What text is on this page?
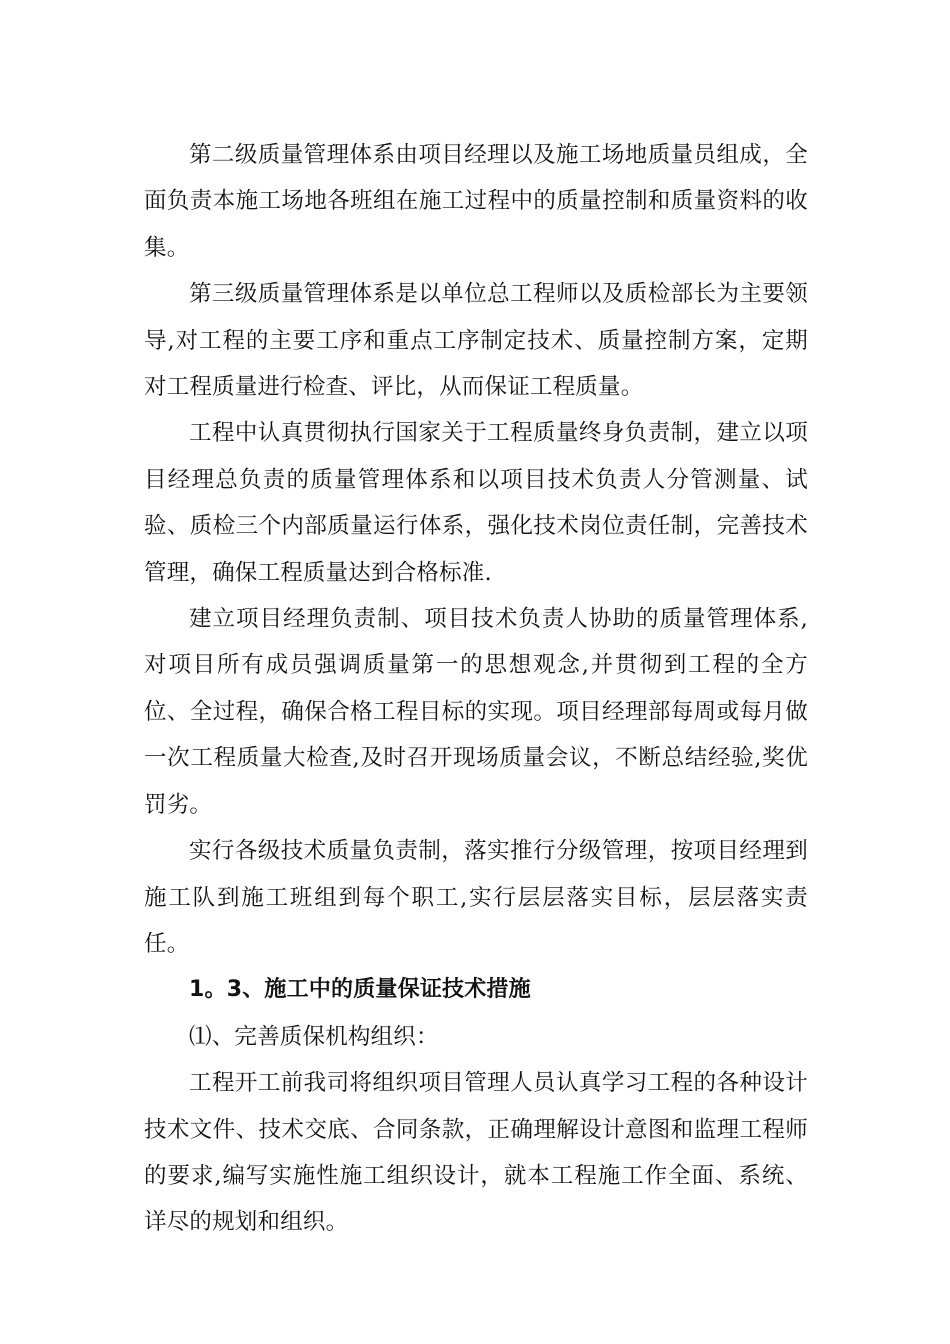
第二级质量管理体系由项目经理以及施工场地质量员组成，全面负责本施工场地各班组在施工过程中的质量控制和质量资料的收集。

第三级质量管理体系是以单位总工程师以及质检部长为主要领导,对工程的主要工序和重点工序制定技术、质量控制方案，定期对工程质量进行检查、评比，从而保证工程质量。

工程中认真贯彻执行国家关于工程质量终身负责制，建立以项目经理总负责的质量管理体系和以项目技术负责人分管测量、试验、质检三个内部质量运行体系，强化技术岗位责任制，完善技术管理，确保工程质量达到合格标准.

建立项目经理负责制、项目技术负责人协助的质量管理体系,对项目所有成员强调质量第一的思想观念,并贯彻到工程的全方位、全过程，确保合格工程目标的实现。项目经理部每周或每月做一次工程质量大检查,及时召开现场质量会议，不断总结经验,奖优罚劣。

实行各级技术质量负责制，落实推行分级管理，按项目经理到施工队到施工班组到每个职工,实行层层落实目标，层层落实责任。

1。3、施工中的质量保证技术措施

⑴、完善质保机构组织：

工程开工前我司将组织项目管理人员认真学习工程的各种设计技术文件、技术交底、合同条款，正确理解设计意图和监理工程师的要求,编写实施性施工组织设计，就本工程施工作全面、系统、详尽的规划和组织。
